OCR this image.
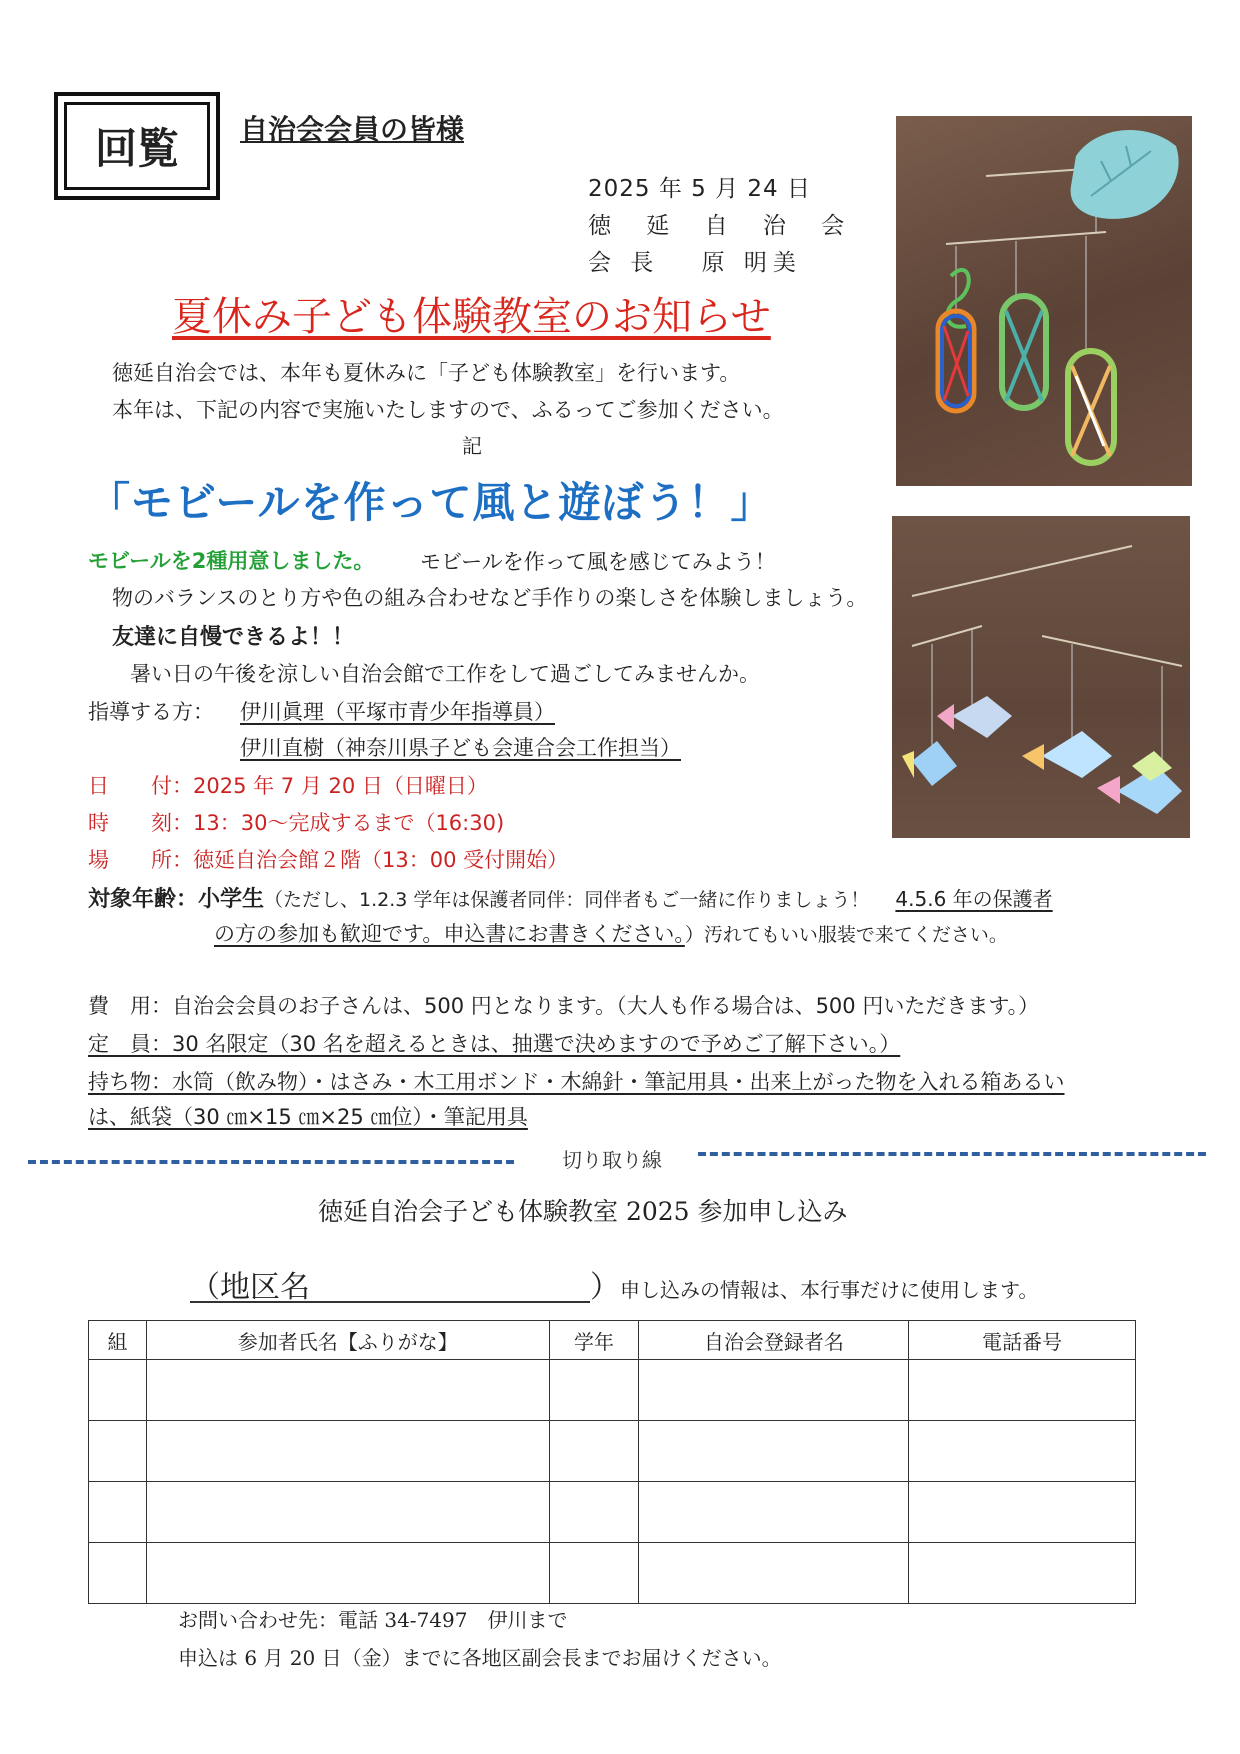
回覧	自治会会員の皆様
2025 年 5 月 24 日
徳 延 自 治 会
会 長　 原 明美
夏休み子ども体験教室のお知らせ
徳延自治会では、本年も夏休みに「子ども体験教室」を行います。
本年は、下記の内容で実施いたしますので、ふるってご参加ください。
記
「モビールを作って風と遊ぼう！」
モビールを2種用意しました。 モビールを作って風を感じてみよう！
物のバランスのとり方や色の組み合わせなど手作りの楽しさを体験しましょう。
友達に自慢できるよ！！
暑い日の午後を涼しい自治会館で工作をして過ごしてみませんか。
指導する方： 伊川眞理（平塚市青少年指導員）
伊川直樹（神奈川県子ども会連合会工作担当）
日　　付：2025 年 7 月 20 日（日曜日）
時　　刻：13：30～完成するまで（16:30)
場　　所：徳延自治会館２階（13：00 受付開始）
対象年齢：小学生（ただし、1.2.3 学年は保護者同伴：同伴者もご一緒に作りましょう！ 4.5.6 年の保護者
の方の参加も歓迎です。申込書にお書きください。）汚れてもいい服装で来てください。
費　用：自治会会員のお子さんは、500 円となります。（大人も作る場合は、500 円いただきます。）
定　員：30 名限定（30 名を超えるときは、抽選で決めますので予めご了解下さい。）
持ち物：水筒（飲み物）・はさみ・木工用ボンド・木綿針・筆記用具・出来上がった物を入れる箱あるい
は、紙袋（30 ㎝×15 ㎝×25 ㎝位）・筆記用具
切り取り線
徳延自治会子ども体験教室 2025 参加申し込み
（地区名	） 申し込みの情報は、本行事だけに使用します。
組	参加者氏名【ふりがな】	学年	自治会登録者名	電話番号

お問い合わせ先：電話 34-7497　伊川まで
申込は 6 月 20 日（金）までに各地区副会長までお届けください。
